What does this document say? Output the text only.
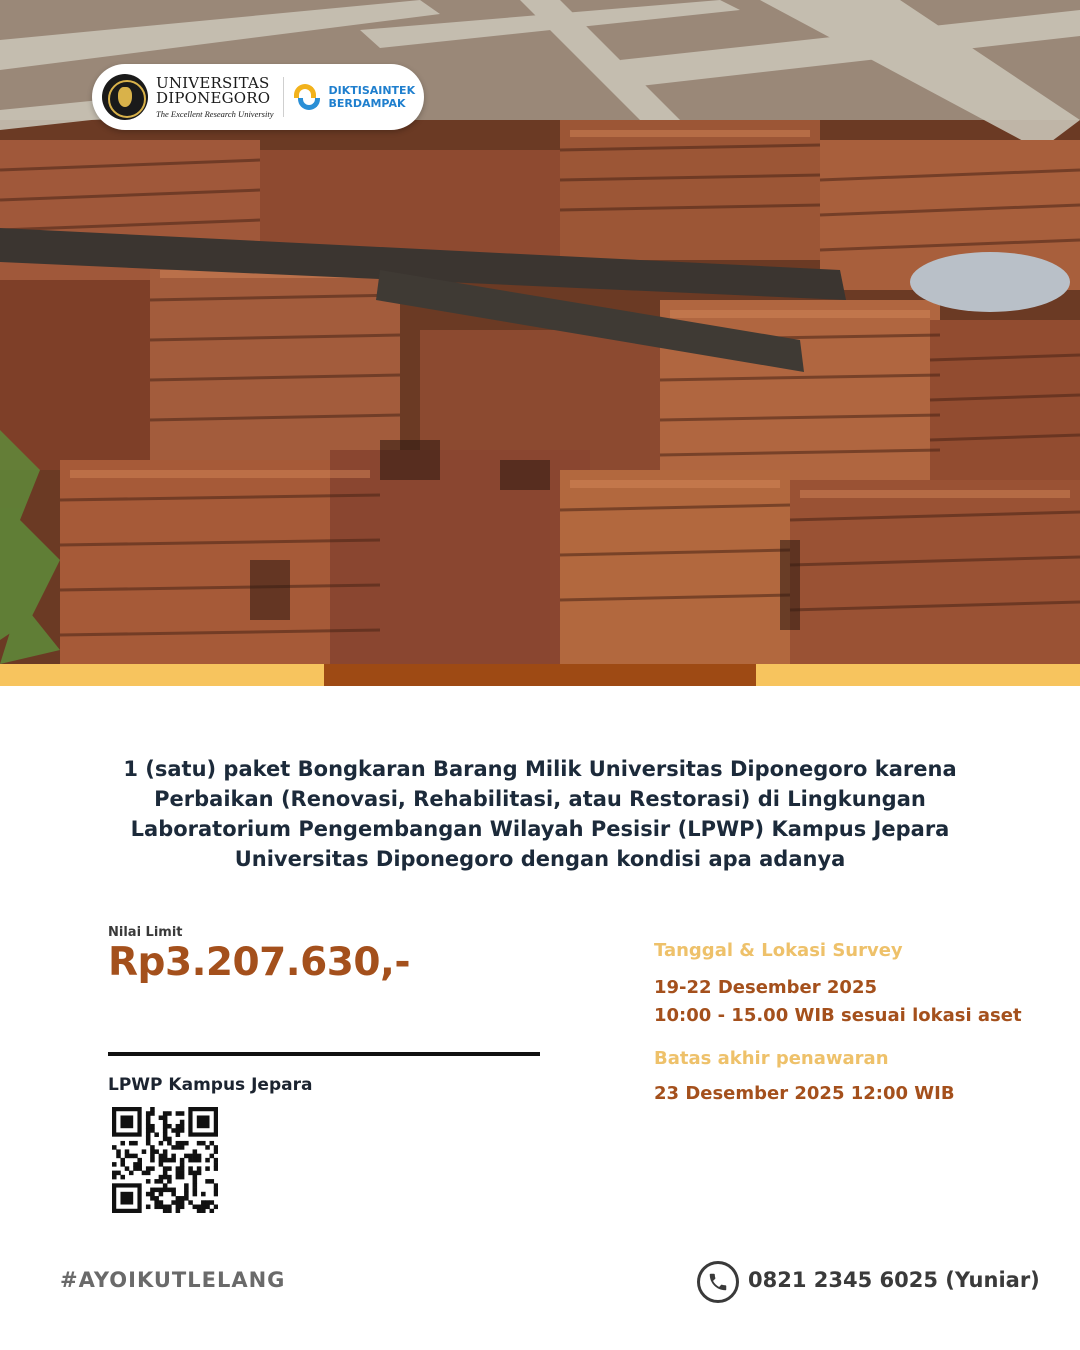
UNIVERSITAS
DIPONEGORO
The Excellent Research University
DIKTISAINTEK
BERDAMPAK
1 (satu) paket Bongkaran Barang Milik Universitas Diponegoro karena
Perbaikan (Renovasi, Rehabilitasi, atau Restorasi) di Lingkungan
Laboratorium Pengembangan Wilayah Pesisir (LPWP) Kampus Jepara
Universitas Diponegoro dengan kondisi apa adanya
Nilai Limit
Rp3.207.630,-
LPWP Kampus Jepara
Tanggal & Lokasi Survey
19-22 Desember 2025
10:00 - 15.00 WIB sesuai lokasi aset
Batas akhir penawaran
23 Desember 2025 12:00 WIB
#AYOIKUTLELANG	0821 2345 6025 (Yuniar)
